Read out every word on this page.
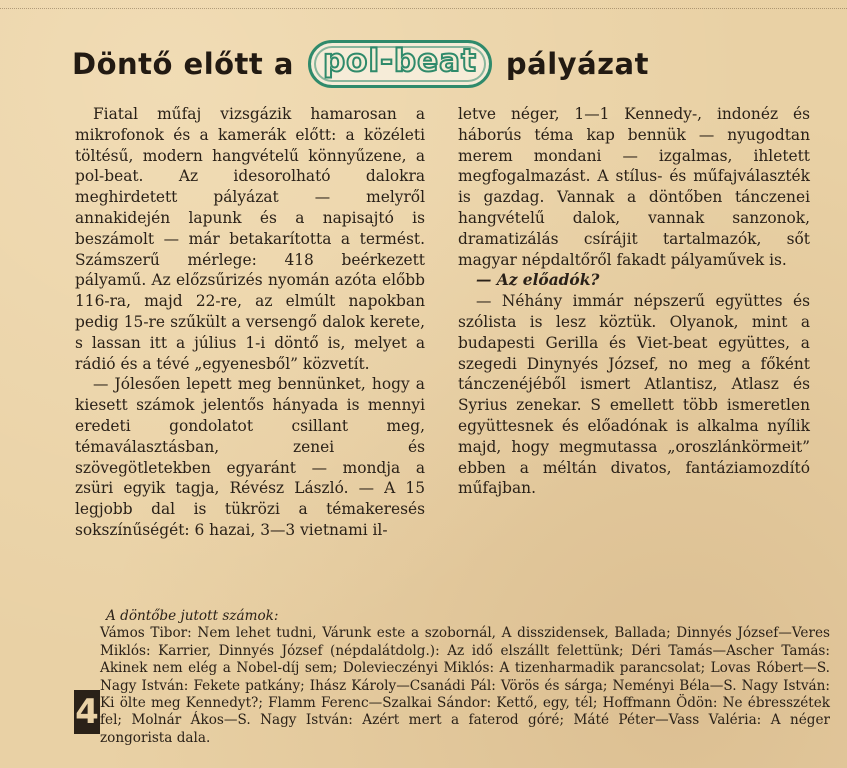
Döntő előtt a pol-beat	pályázat

Fiatal műfaj vizsgázik hamarosan a mikrofonok és a kamerák előtt: a közéleti töltésű, modern hangvételű könnyűzene, a pol-beat. Az idesorolható dalokra meghirdetett pályázat — melyről annakidején lapunk és a napisajtó is beszámolt — már betakarította a termést. Számszerű mérlege: 418 beérkezett pályamű. Az előzsűrizés nyomán azóta előbb 116-ra, majd 22-re, az elmúlt napokban pedig 15-re szűkült a versengő dalok kerete, s lassan itt a július 1-i döntő is, melyet a rádió és a tévé „egyenesből” közvetít.

— Jólesően lepett meg bennünket, hogy a kiesett számok jelentős hányada is mennyi eredeti gondolatot csillant meg, témaválasztásban, zenei és szövegötletekben egyaránt — mondja a zsüri egyik tagja, Révész László. — A 15 legjobb dal is tükrözi a témakeresés sokszínűségét: 6 hazai, 3—3 vietnami il-

letve néger, 1—1 Kennedy-, indonéz és háborús téma kap bennük — nyugodtan merem mondani — izgalmas, ihletett megfogalmazást. A stílus- és műfajválaszték is gazdag. Vannak a döntőben tánczenei hangvételű dalok, vannak sanzonok, dramatizálás csírájit tartalmazók, sőt magyar népdaltőről fakadt pályaművek is.

— Az előadók?

— Néhány immár népszerű együttes és szólista is lesz köztük. Olyanok, mint a budapesti Gerilla és Viet-beat együttes, a szegedi Dinynyés József, no meg a főként tánczenéjéből ismert Atlantisz, Atlasz és Syrius zenekar. S emellett több ismeretlen együttesnek és előadónak is alkalma nyílik majd, hogy megmutassa „oroszlánkörmeit” ebben a méltán divatos, fantáziamozdító műfajban.

A döntőbe jutott számok:
Vámos Tibor: Nem lehet tudni, Várunk este a szobornál, A disszidensek, Ballada; Dinnyés József—Veres Miklós: Karrier, Dinnyés József (népdalátdolg.): Az idő elszállt felettünk; Déri Tamás—Ascher Tamás: Akinek nem elég a Nobel-díj sem; Dolevieczényi Miklós: A tizenharmadik parancsolat; Lovas Róbert—S. Nagy István: Fekete patkány; Ihász Károly—Csanádi Pál: Vörös és sárga; Neményi Béla—S. Nagy István: Ki ölte meg Kennedyt?; Flamm Ferenc—Szalkai Sándor: Kettő, egy, tél; Hoffmann Ödön: Ne ébresszétek fel; Molnár Ákos—S. Nagy István: Azért mert a faterod góré; Máté Péter—Vass Valéria: A néger zongorista dala.
4
